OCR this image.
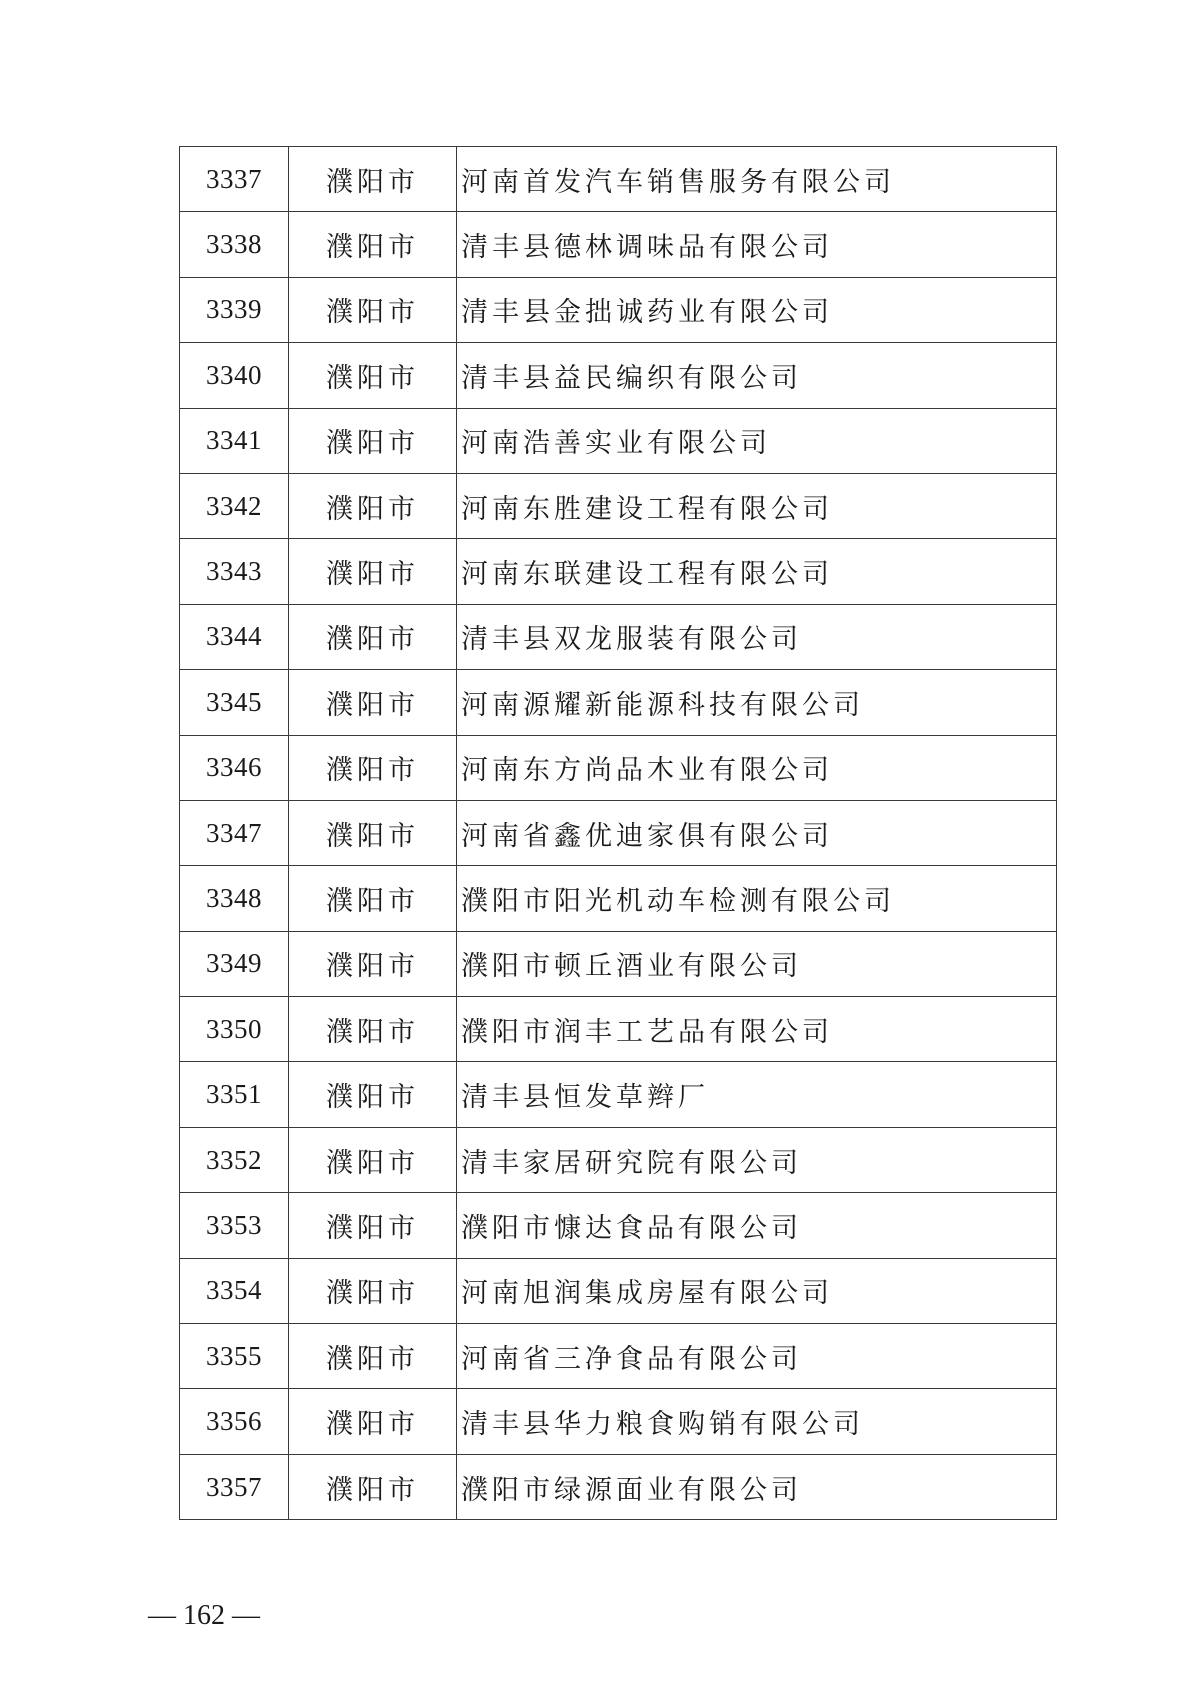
3337	濮阳市	河南首发汽车销售服务有限公司
3338	濮阳市	清丰县德林调味品有限公司
3339	濮阳市	清丰县金拙诚药业有限公司
3340	濮阳市	清丰县益民编织有限公司
3341	濮阳市	河南浩善实业有限公司
3342	濮阳市	河南东胜建设工程有限公司
3343	濮阳市	河南东联建设工程有限公司
3344	濮阳市	清丰县双龙服装有限公司
3345	濮阳市	河南源耀新能源科技有限公司
3346	濮阳市	河南东方尚品木业有限公司
3347	濮阳市	河南省鑫优迪家俱有限公司
3348	濮阳市	濮阳市阳光机动车检测有限公司
3349	濮阳市	濮阳市顿丘酒业有限公司
3350	濮阳市	濮阳市润丰工艺品有限公司
3351	濮阳市	清丰县恒发草辫厂
3352	濮阳市	清丰家居研究院有限公司
3353	濮阳市	濮阳市慷达食品有限公司
3354	濮阳市	河南旭润集成房屋有限公司
3355	濮阳市	河南省三净食品有限公司
3356	濮阳市	清丰县华力粮食购销有限公司
3357	濮阳市	濮阳市绿源面业有限公司
— 162 —
